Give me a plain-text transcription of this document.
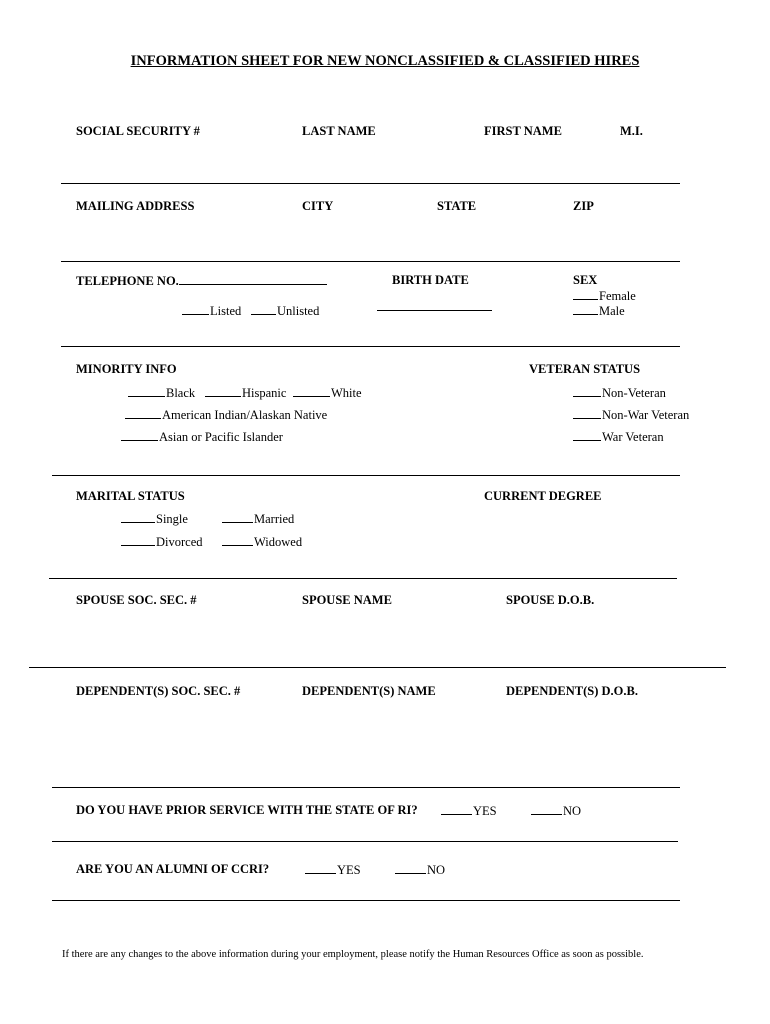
INFORMATION SHEET FOR NEW NONCLASSIFIED & CLASSIFIED HIRES
SOCIAL SECURITY #	LAST NAME	FIRST NAME	M.I.
MAILING ADDRESS	CITY	STATE	ZIP
TELEPHONE NO.
Listed	Unlisted
BIRTH DATE	SEX
Female
Male
MINORITY INFO
Black	Hispanic	White
American Indian/Alaskan Native
Asian or Pacific Islander
VETERAN STATUS
Non-Veteran
Non-War Veteran
War Veteran
MARITAL STATUS
Single	Married
Divorced	Widowed
CURRENT DEGREE
SPOUSE SOC. SEC. #	SPOUSE NAME	SPOUSE D.O.B.
DEPENDENT(S) SOC. SEC. #	DEPENDENT(S) NAME	DEPENDENT(S) D.O.B.
DO YOU HAVE PRIOR SERVICE WITH THE STATE OF RI?	YES	NO
ARE YOU AN ALUMNI OF CCRI?	YES	NO
If there are any changes to the above information during your employment, please notify the Human Resources Office as soon as possible.
